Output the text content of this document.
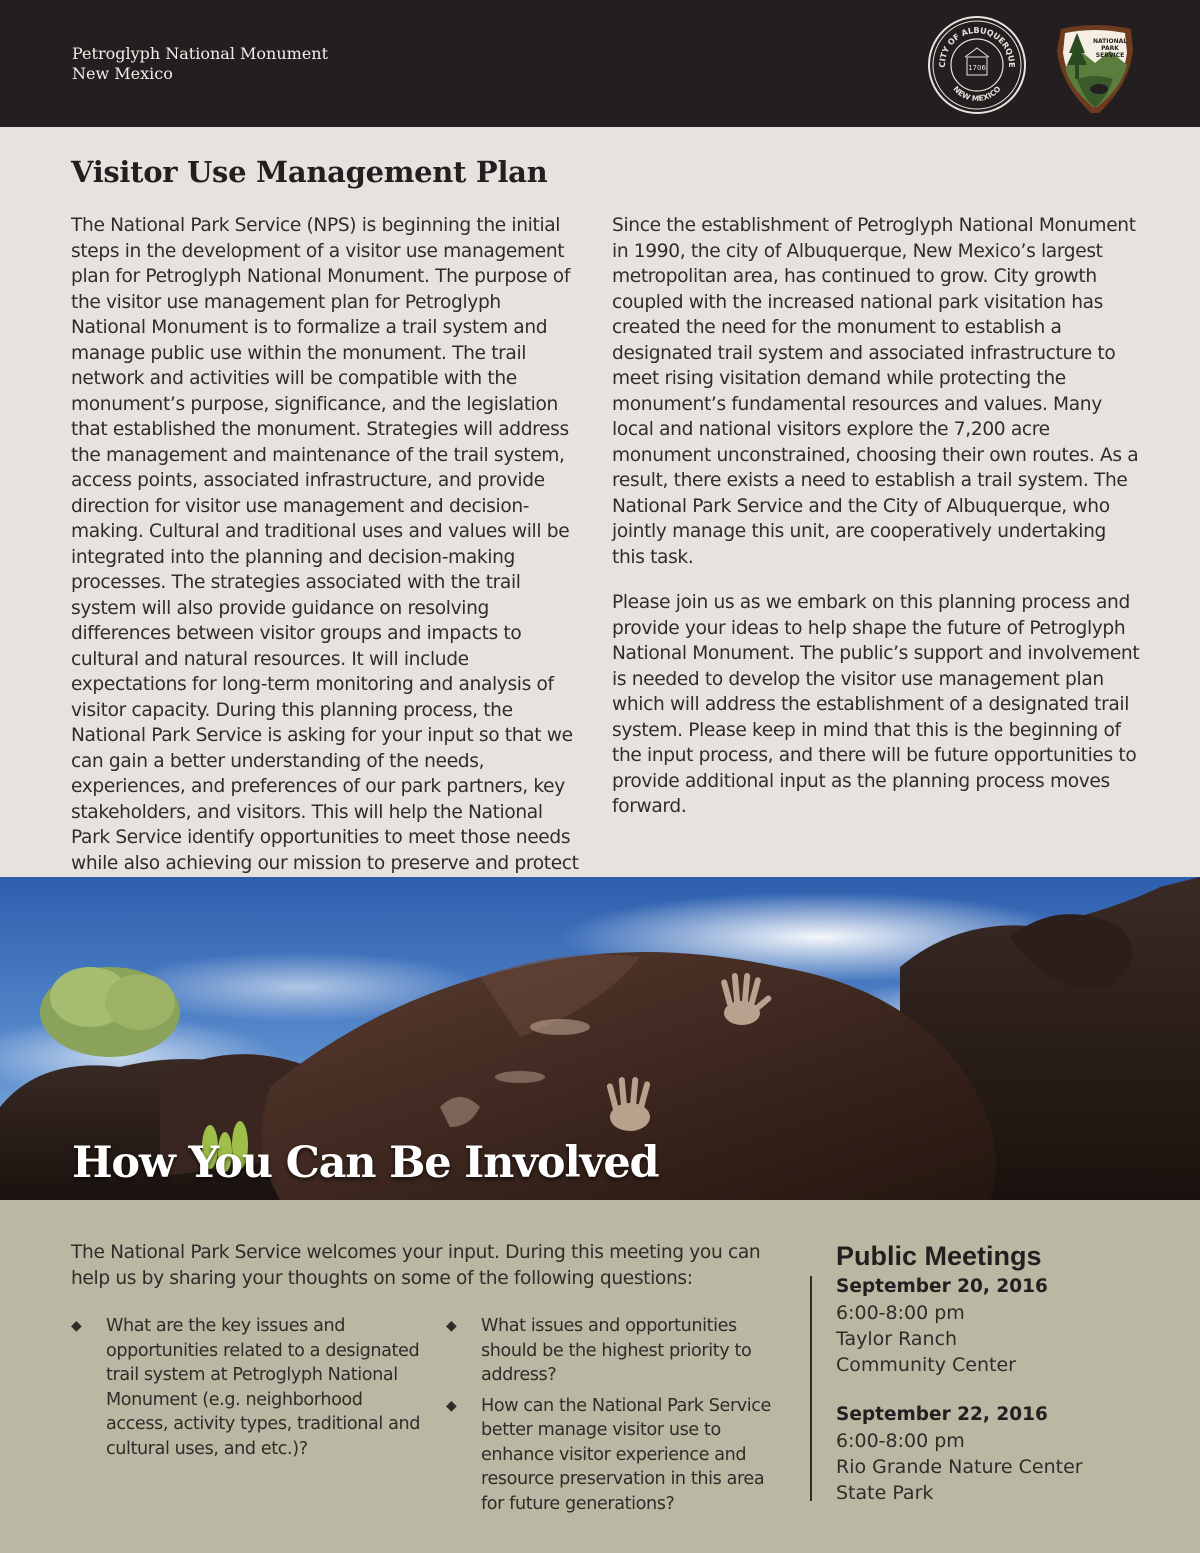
Petroglyph National Monument
New Mexico	CITY OF ALBUQUERQUE
NEW MEXICO
1706
NATIONAL
PARK
SERVICE
Visitor Use Management Plan

The National Park Service (NPS) is beginning the initial steps in the development of a visitor use management plan for Petroglyph National Monument. The purpose of the visitor use management plan for Petroglyph National Monument is to formalize a trail system and manage public use within the monument. The trail network and activities will be compatible with the monument’s purpose, significance, and the legislation that established the monument. Strategies will address the management and maintenance of the trail system, access points, associated infrastructure, and provide direction for visitor use management and decision-making. Cultural and traditional uses and values will be integrated into the planning and decision-making processes. The strategies associated with the trail system will also provide guidance on resolving differences between visitor groups and impacts to cultural and natural resources. It will include expectations for long-term monitoring and analysis of visitor capacity. During this planning process, the National Park Service is asking for your input so that we can gain a better understanding of the needs, experiences, and preferences of our park partners, key stakeholders, and visitors. This will help the National Park Service identify opportunities to meet those needs while also achieving our mission to preserve and protect

Since the establishment of Petroglyph National Monument in 1990, the city of Albuquerque, New Mexico’s largest metropolitan area, has continued to grow. City growth coupled with the increased national park visitation has created the need for the monument to establish a designated trail system and associated infrastructure to meet rising visitation demand while protecting the monument’s fundamental resources and values. Many local and national visitors explore the 7,200 acre monument unconstrained, choosing their own routes. As a result, there exists a need to establish a trail system. The National Park Service and the City of Albuquerque, who jointly manage this unit, are cooperatively undertaking this task.

Please join us as we embark on this planning process and provide your ideas to help shape the future of Petroglyph National Monument. The public’s support and involvement is needed to develop the visitor use management plan which will address the establishment of a designated trail system. Please keep in mind that this is the beginning of the input process, and there will be future opportunities to provide additional input as the planning process moves forward.

How You Can Be Involved

The National Park Service welcomes your input. During this meeting you can help us by sharing your thoughts on some of the following questions:

◆ What are the key issues and opportunities related to a designated trail system at Petroglyph National Monument (e.g. neighborhood access, activity types, traditional and cultural uses, and etc.)?
◆ What issues and opportunities should be the highest priority to address?
◆ How can the National Park Service better manage visitor use to enhance visitor experience and resource preservation in this area for future generations?
Public Meetings
September 20, 2016
6:00-8:00 pm
Taylor Ranch
Community Center
September 22, 2016
6:00-8:00 pm
Rio Grande Nature Center
State Park
